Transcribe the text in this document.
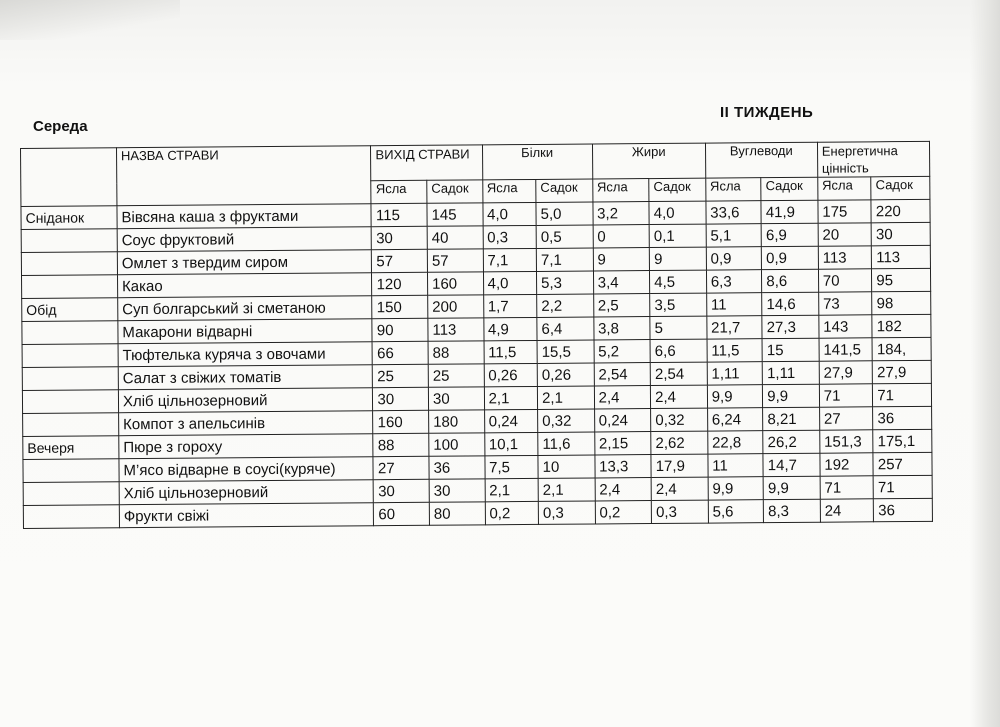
Середа
II ТИЖДЕНЬ
	НАЗВА СТРАВИ	ВИХІД СТРАВИ		Білки		Жири		Вуглеводи		Енергетична цінність	
		Ясла	Садок	Ясла	Садок	Ясла	Садок	Ясла	Садок	Ясла	Садок
Сніданок	Вівсяна каша з фруктами	115	145	4,0	5,0	3,2	4,0	33,6	41,9	175	220
	Соус фруктовий	30	40	0,3	0,5	0	0,1	5,1	6,9	20	30
	Омлет з твердим сиром	57	57	7,1	7,1	9	9	0,9	0,9	113	113
	Какао	120	160	4,0	5,3	3,4	4,5	6,3	8,6	70	95
Обід	Суп болгарський зі сметаною	150	200	1,7	2,2	2,5	3,5	11	14,6	73	98
	Макарони відварні	90	113	4,9	6,4	3,8	5	21,7	27,3	143	182
	Тюфтелька куряча з овочами	66	88	11,5	15,5	5,2	6,6	11,5	15	141,5	184,
	Салат з свіжих томатів	25	25	0,26	0,26	2,54	2,54	1,11	1,11	27,9	27,9
	Хліб цільнозерновий	30	30	2,1	2,1	2,4	2,4	9,9	9,9	71	71
	Компот з апельсинів	160	180	0,24	0,32	0,24	0,32	6,24	8,21	27	36
Вечеря	Пюре з гороху	88	100	10,1	11,6	2,15	2,62	22,8	26,2	151,3	175,1
	М’ясо відварне в соусі(куряче)	27	36	7,5	10	13,3	17,9	11	14,7	192	257
	Хліб цільнозерновий	30	30	2,1	2,1	2,4	2,4	9,9	9,9	71	71
	Фрукти свіжі	60	80	0,2	0,3	0,2	0,3	5,6	8,3	24	36
